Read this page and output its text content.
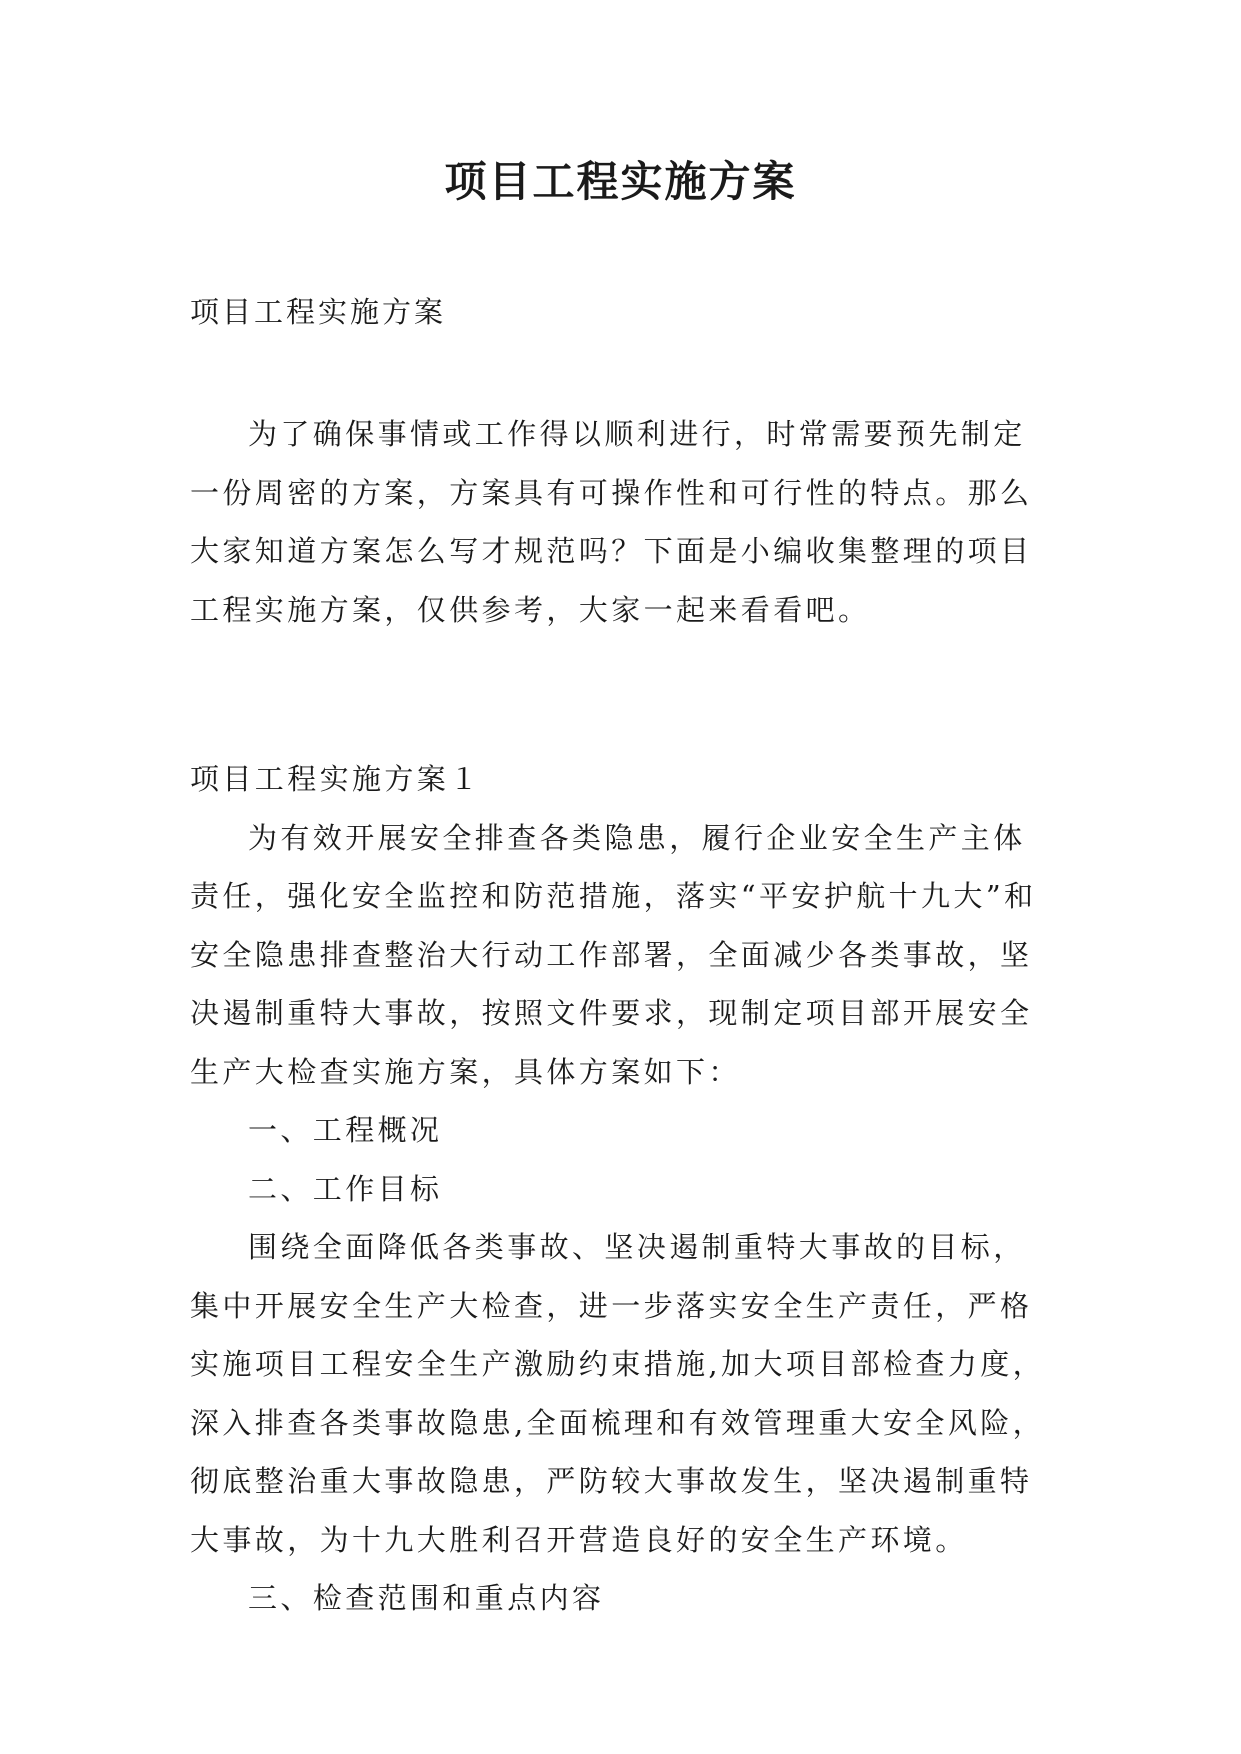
项目工程实施方案
项目工程实施方案

为了确保事情或工作得以顺利进行，时常需要预先制定一份周密的方案，方案具有可操作性和可行性的特点。那么大家知道方案怎么写才规范吗？下面是小编收集整理的项目工程实施方案，仅供参考，大家一起来看看吧。

项目工程实施方案１

为有效开展安全排查各类隐患，履行企业安全生产主体责任，强化安全监控和防范措施，落实“平安护航十九大”和安全隐患排查整治大行动工作部署，全面减少各类事故，坚决遏制重特大事故，按照文件要求，现制定项目部开展安全生产大检查实施方案，具体方案如下：

一、工程概况

二、工作目标

围绕全面降低各类事故、坚决遏制重特大事故的目标，集中开展安全生产大检查，进一步落实安全生产责任，严格实施项目工程安全生产激励约束措施,加大项目部检查力度，深入排查各类事故隐患,全面梳理和有效管理重大安全风险，彻底整治重大事故隐患，严防较大事故发生，坚决遏制重特大事故，为十九大胜利召开营造良好的安全生产环境。

三、检查范围和重点内容
